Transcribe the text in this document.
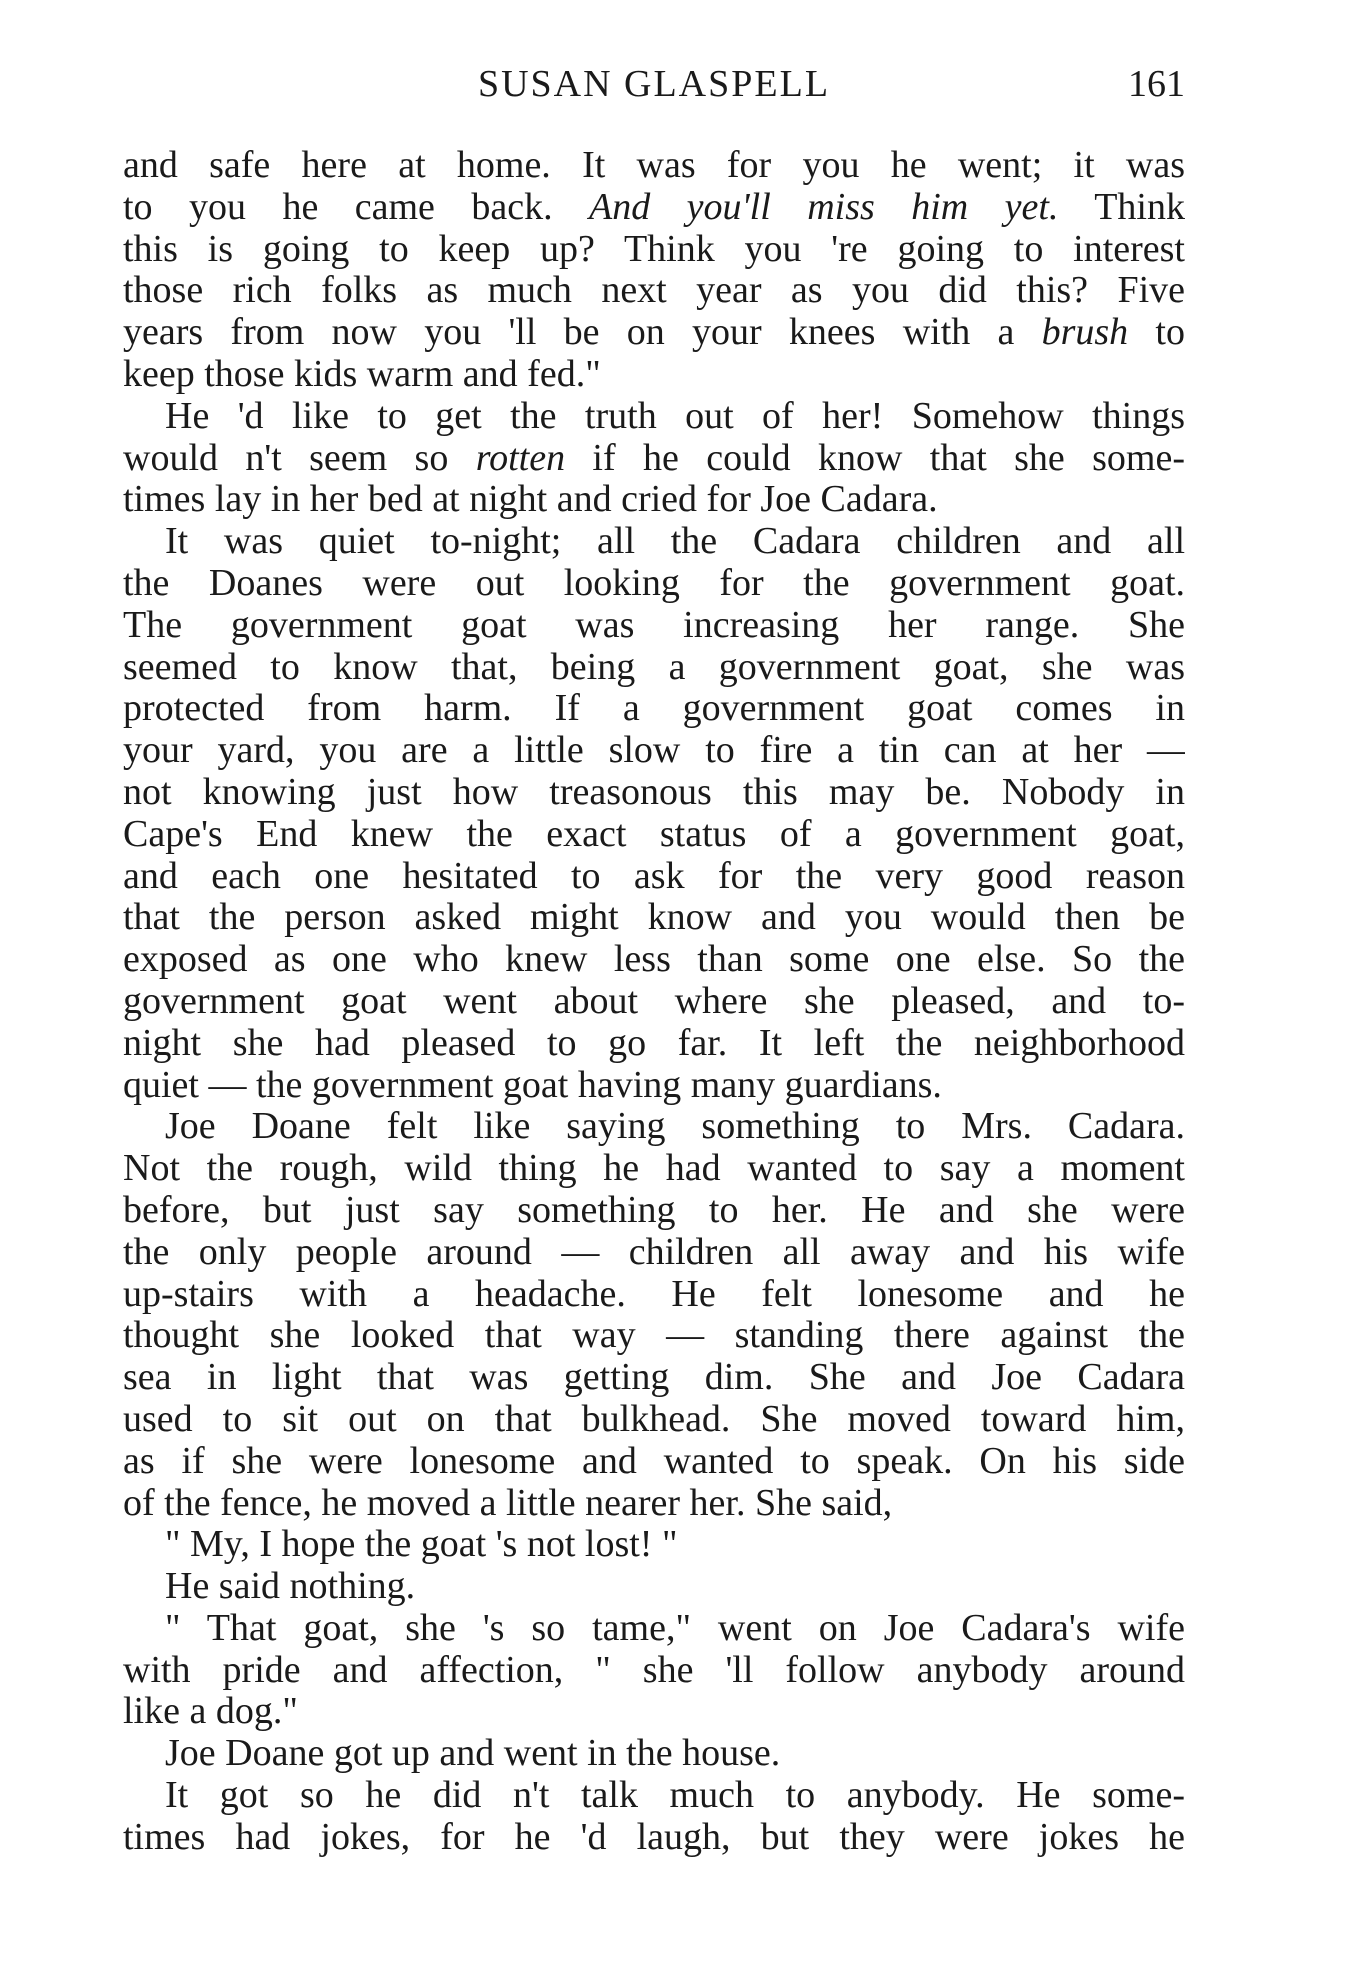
SUSAN GLASPELL	161
and safe here at home. It was for you he went; it was
to you he came back. And you'll miss him yet. Think
this is going to keep up? Think you 're going to interest
those rich folks as much next year as you did this? Five
years from now you 'll be on your knees with a brush to
keep those kids warm and fed."
He 'd like to get the truth out of her! Somehow things
would n't seem so rotten if he could know that she some-
times lay in her bed at night and cried for Joe Cadara.
It was quiet to-night; all the Cadara children and all
the Doanes were out looking for the government goat.
The government goat was increasing her range. She
seemed to know that, being a government goat, she was
protected from harm. If a government goat comes in
your yard, you are a little slow to fire a tin can at her —
not knowing just how treasonous this may be. Nobody in
Cape's End knew the exact status of a government goat,
and each one hesitated to ask for the very good reason
that the person asked might know and you would then be
exposed as one who knew less than some one else. So the
government goat went about where she pleased, and to-
night she had pleased to go far. It left the neighborhood
quiet — the government goat having many guardians.
Joe Doane felt like saying something to Mrs. Cadara.
Not the rough, wild thing he had wanted to say a moment
before, but just say something to her. He and she were
the only people around — children all away and his wife
up-stairs with a headache. He felt lonesome and he
thought she looked that way — standing there against the
sea in light that was getting dim. She and Joe Cadara
used to sit out on that bulkhead. She moved toward him,
as if she were lonesome and wanted to speak. On his side
of the fence, he moved a little nearer her. She said,
" My, I hope the goat 's not lost! "
He said nothing.
" That goat, she 's so tame," went on Joe Cadara's wife
with pride and affection, " she 'll follow anybody around
like a dog."
Joe Doane got up and went in the house.
It got so he did n't talk much to anybody. He some-
times had jokes, for he 'd laugh, but they were jokes he
